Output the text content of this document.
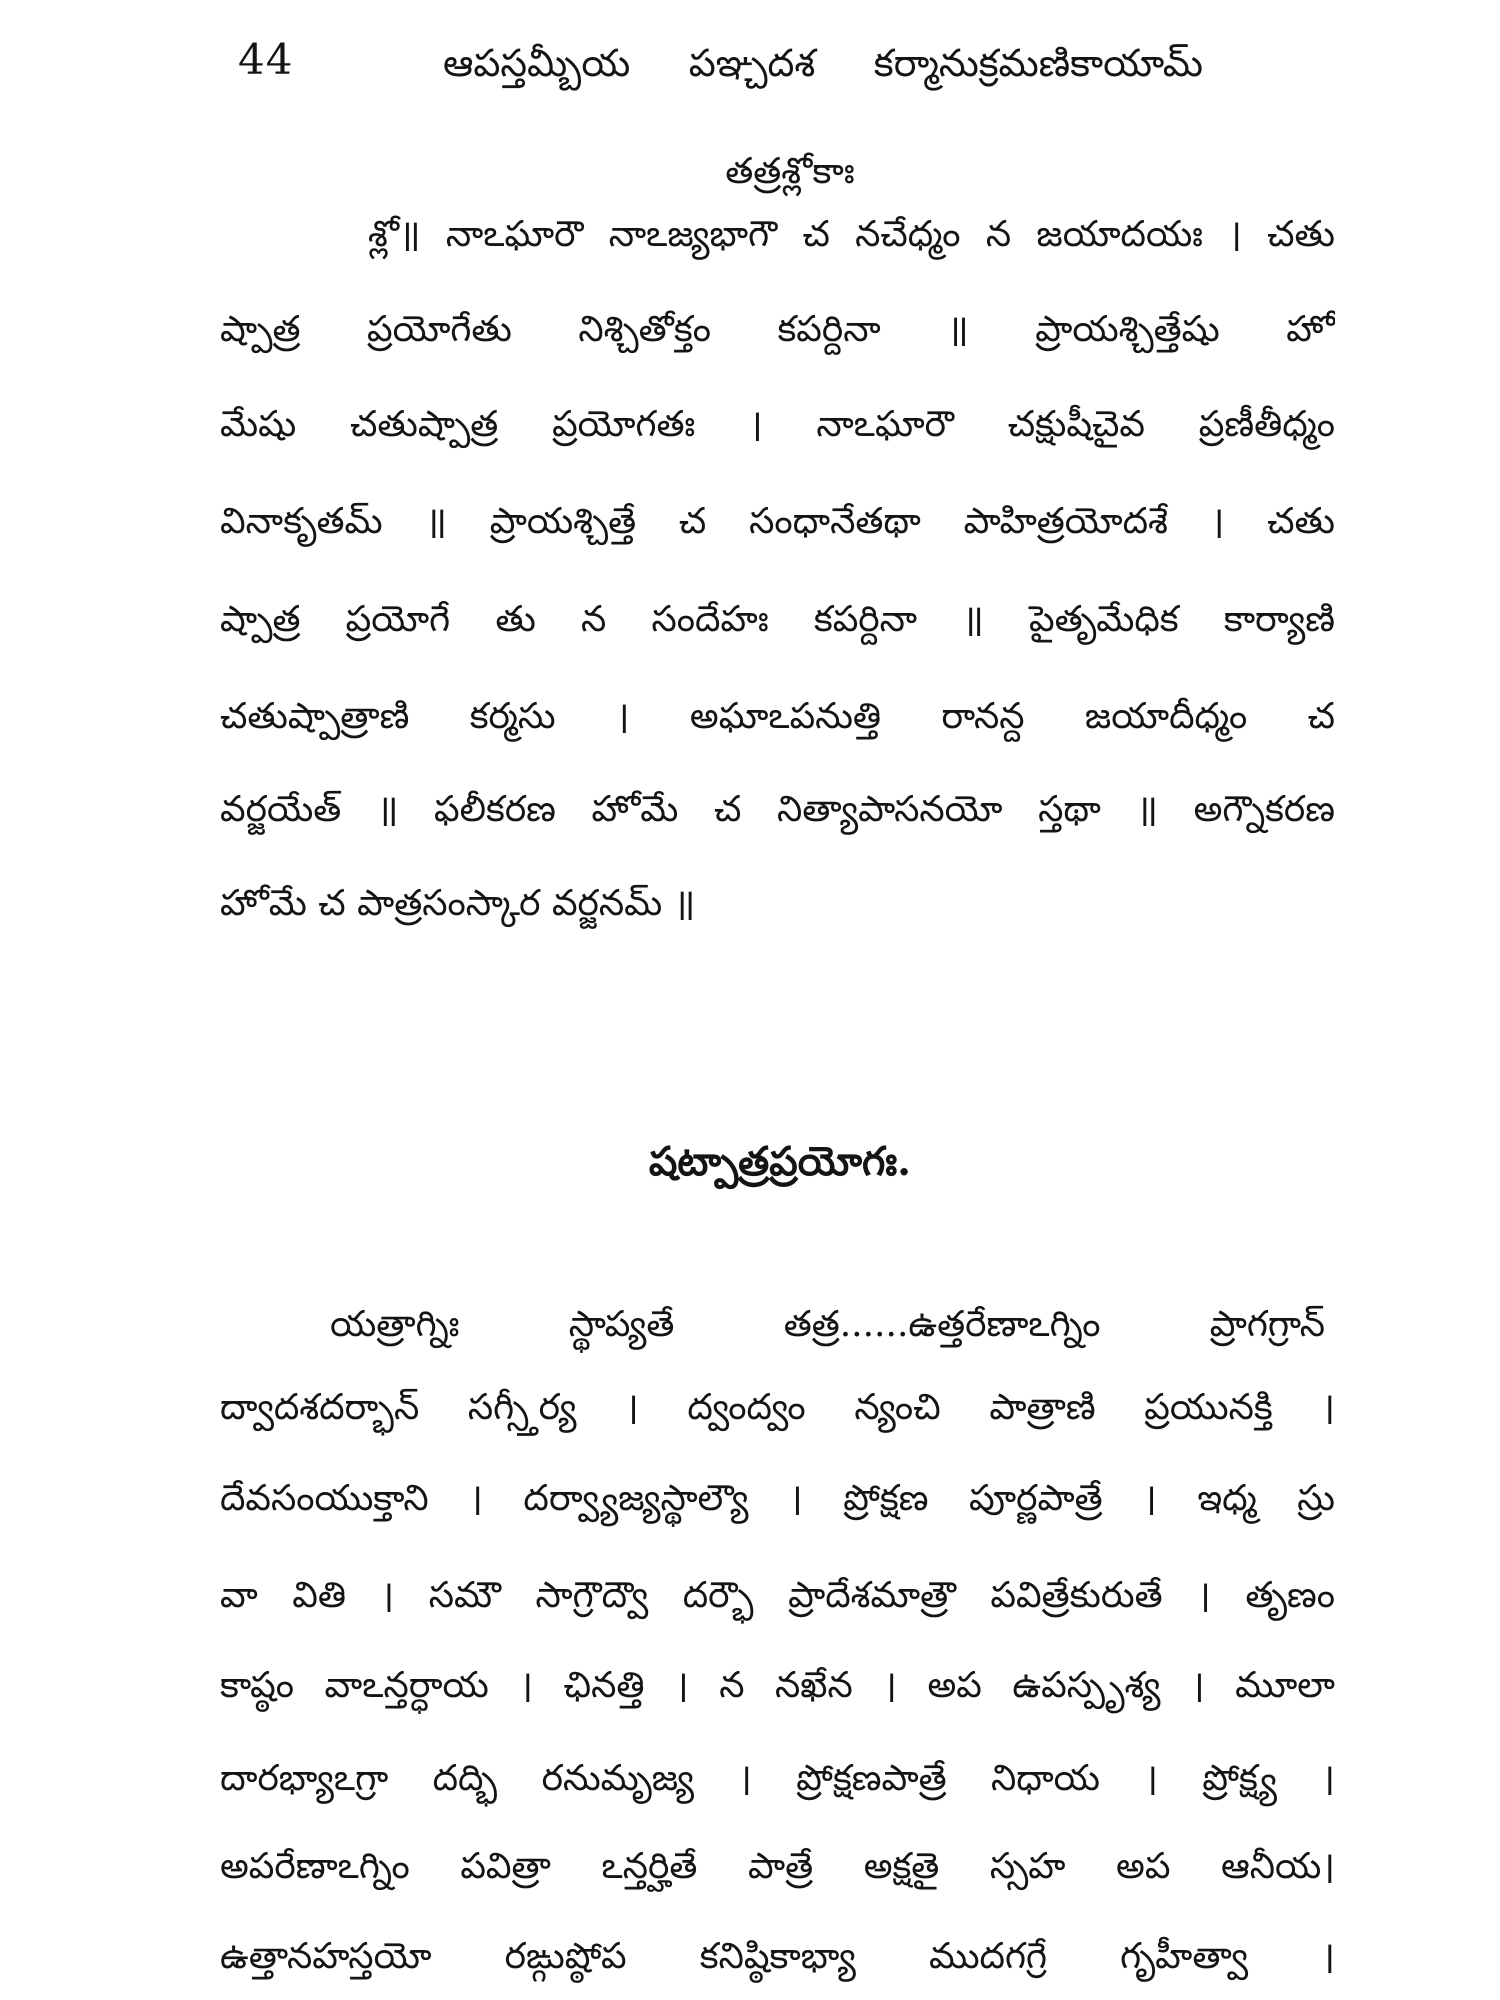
44	ఆపస్తమ్బీయ పఞ్చదశ కర్మానుక్రమణికాయామ్
తత్రశ్లోకాః
శ్లో॥ నాఽఘారౌ నాఽజ్యభాగౌ చ నచేధ్మం న జయాదయః । చతు
ష్పాత్ర ప్రయోగేతు నిశ్చితోక్తం కపర్దినా ॥ ప్రాయశ్చిత్తేషు హో
మేషు చతుష్పాత్ర ప్రయోగతః । నాఽఘారౌ చక్షుషీచైవ ప్రణీతీధ్మం
వినాకృతమ్ ॥ ప్రాయశ్చిత్తే చ సంధానేతథా పాహిత్రయోదశే । చతు
ష్పాత్ర ప్రయోగే తు న సందేహః కపర్దినా ॥ పైతృమేధిక కార్యాణి
చతుష్పాత్రాణి కర్మసు । అఘాఽపనుత్తి రానన్ద జయాదీధ్మం చ
వర్జయేత్ ॥ ఫలీకరణ హోమే చ నిత్యాపాసనయో స్తథా ॥ అగ్నౌకరణ
హోమే చ పాత్రసంస్కార వర్జనమ్ ॥
షట్పాత్రప్రయోగః.
యత్రాగ్నిః స్థాప్యతే తత్ర......ఉత్తరేణాఽగ్నిం ప్రాగగ్రాన్
ద్వాదశదర్భాన్ సగ్స్తీర్య । ద్వంద్వం న్యంచి పాత్రాణి ప్రయునక్తి ।
దేవసంయుక్తాని । దర్వ్యాజ్యస్థాల్యౌ । ప్రోక్షణ పూర్ణపాత్రే । ఇధ్మ స్రు
వా వితి । సమౌ సాగ్రౌద్వౌ దర్భౌ ప్రాదేశమాత్రౌ పవిత్రేకురుతే । తృణం
కాష్ఠం వాఽన్తర్ధాయ । ఛినత్తి । న నఖేన । అప ఉపస్పృశ్య । మూలా
దారభ్యాఽగ్రా దద్భి రనుమృజ్య । ప్రోక్షణపాత్రే నిధాయ । ప్రోక్ష్య ।
అపరేణాఽగ్నిం పవిత్రా ఽన్తర్హితే పాత్రే అక్షతై స్సహ అప ఆనీయ।
ఉత్తానహస్తయో రఙ్గుష్ఠోప కనిష్ఠికాభ్యా ముదగగ్రే గృహీత్వా ।
